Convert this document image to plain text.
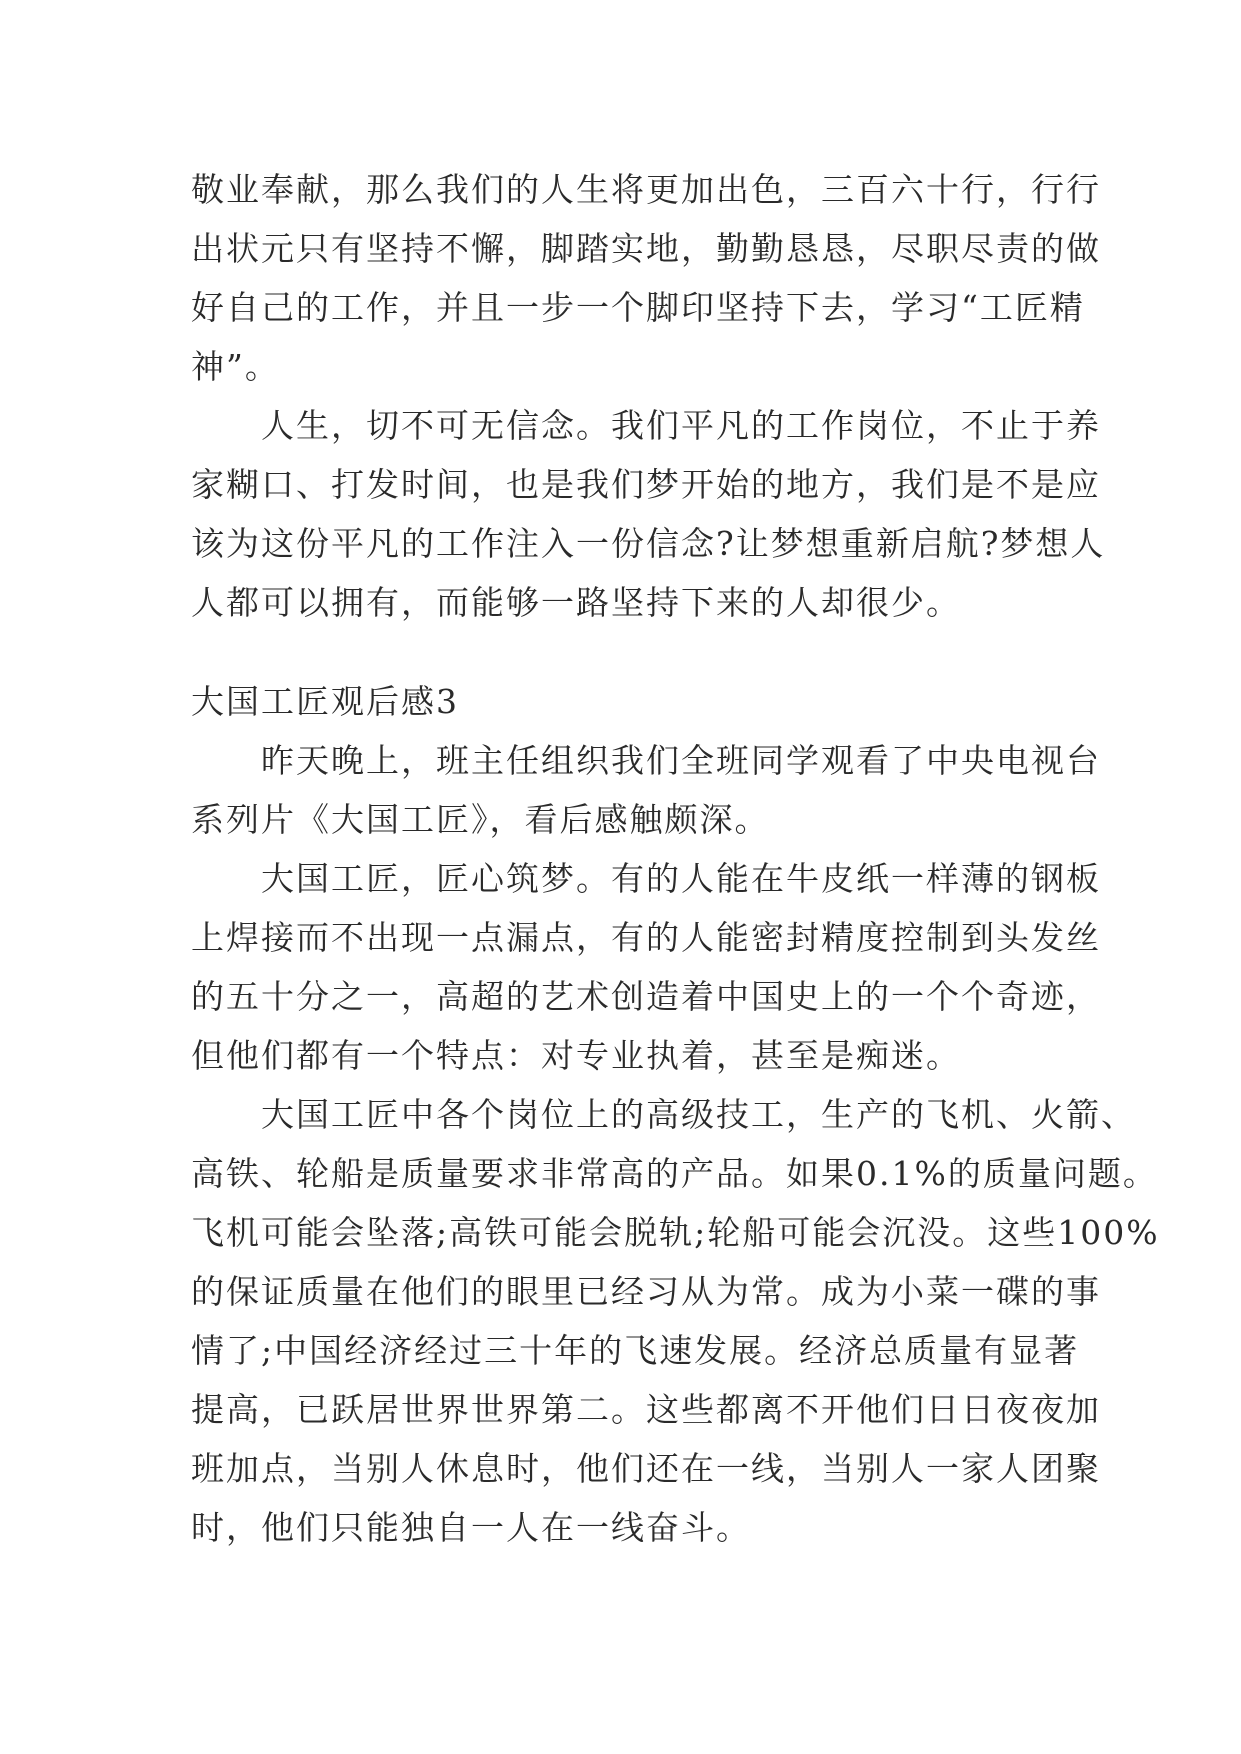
敬业奉献，那么我们的人生将更加出色，三百六十行，行行
出状元只有坚持不懈，脚踏实地，勤勤恳恳，尽职尽责的做
好自己的工作，并且一步一个脚印坚持下去，学习“工匠精
神”。
人生，切不可无信念。我们平凡的工作岗位，不止于养
家糊口、打发时间，也是我们梦开始的地方，我们是不是应
该为这份平凡的工作注入一份信念?让梦想重新启航?梦想人
人都可以拥有，而能够一路坚持下来的人却很少。
大国工匠观后感3
昨天晚上，班主任组织我们全班同学观看了中央电视台
系列片《大国工匠》，看后感触颇深。
大国工匠，匠心筑梦。有的人能在牛皮纸一样薄的钢板
上焊接而不出现一点漏点，有的人能密封精度控制到头发丝
的五十分之一，高超的艺术创造着中国史上的一个个奇迹，
但他们都有一个特点：对专业执着，甚至是痴迷。
大国工匠中各个岗位上的高级技工，生产的飞机、火箭、
高铁、轮船是质量要求非常高的产品。如果0.1%的质量问题。
飞机可能会坠落;高铁可能会脱轨;轮船可能会沉没。这些100%
的保证质量在他们的眼里已经习从为常。成为小菜一碟的事
情了;中国经济经过三十年的飞速发展。经济总质量有显著
提高，已跃居世界世界第二。这些都离不开他们日日夜夜加
班加点，当别人休息时，他们还在一线，当别人一家人团聚
时，他们只能独自一人在一线奋斗。
